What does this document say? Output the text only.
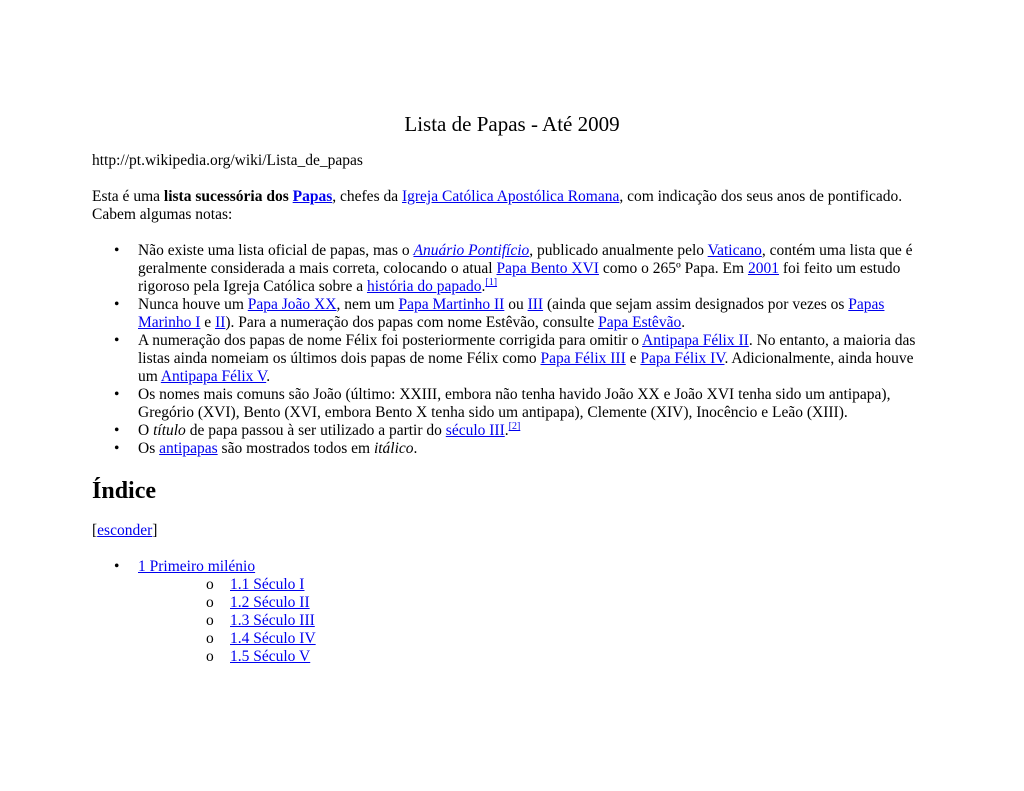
Lista de Papas - Até 2009
http://pt.wikipedia.org/wiki/Lista_de_papas
Esta é uma lista sucessória dos Papas, chefes da Igreja Católica Apostólica Romana, com indicação dos seus anos de pontificado. Cabem algumas notas:
• Não existe uma lista oficial de papas, mas o Anuário Pontifício, publicado anualmente pelo Vaticano, contém uma lista que é geralmente considerada a mais correta, colocando o atual Papa Bento XVI como o 265º Papa. Em 2001 foi feito um estudo rigoroso pela Igreja Católica sobre a história do papado.[1]
• Nunca houve um Papa João XX, nem um Papa Martinho II ou III (ainda que sejam assim designados por vezes os Papas Marinho I e II). Para a numeração dos papas com nome Estêvão, consulte Papa Estêvão.
• A numeração dos papas de nome Félix foi posteriormente corrigida para omitir o Antipapa Félix II. No entanto, a maioria das listas ainda nomeiam os últimos dois papas de nome Félix como Papa Félix III e Papa Félix IV. Adicionalmente, ainda houve um Antipapa Félix V.
• Os nomes mais comuns são João (último: XXIII, embora não tenha havido João XX e João XVI tenha sido um antipapa), Gregório (XVI), Bento (XVI, embora Bento X tenha sido um antipapa), Clemente (XIV), Inocêncio e Leão (XIII).
• O título de papa passou à ser utilizado a partir do século III.[2]
• Os antipapas são mostrados todos em itálico.
Índice
[esconder]
• 1 Primeiro milénio
o 1.1 Século I
o 1.2 Século II
o 1.3 Século III
o 1.4 Século IV
o 1.5 Século V
